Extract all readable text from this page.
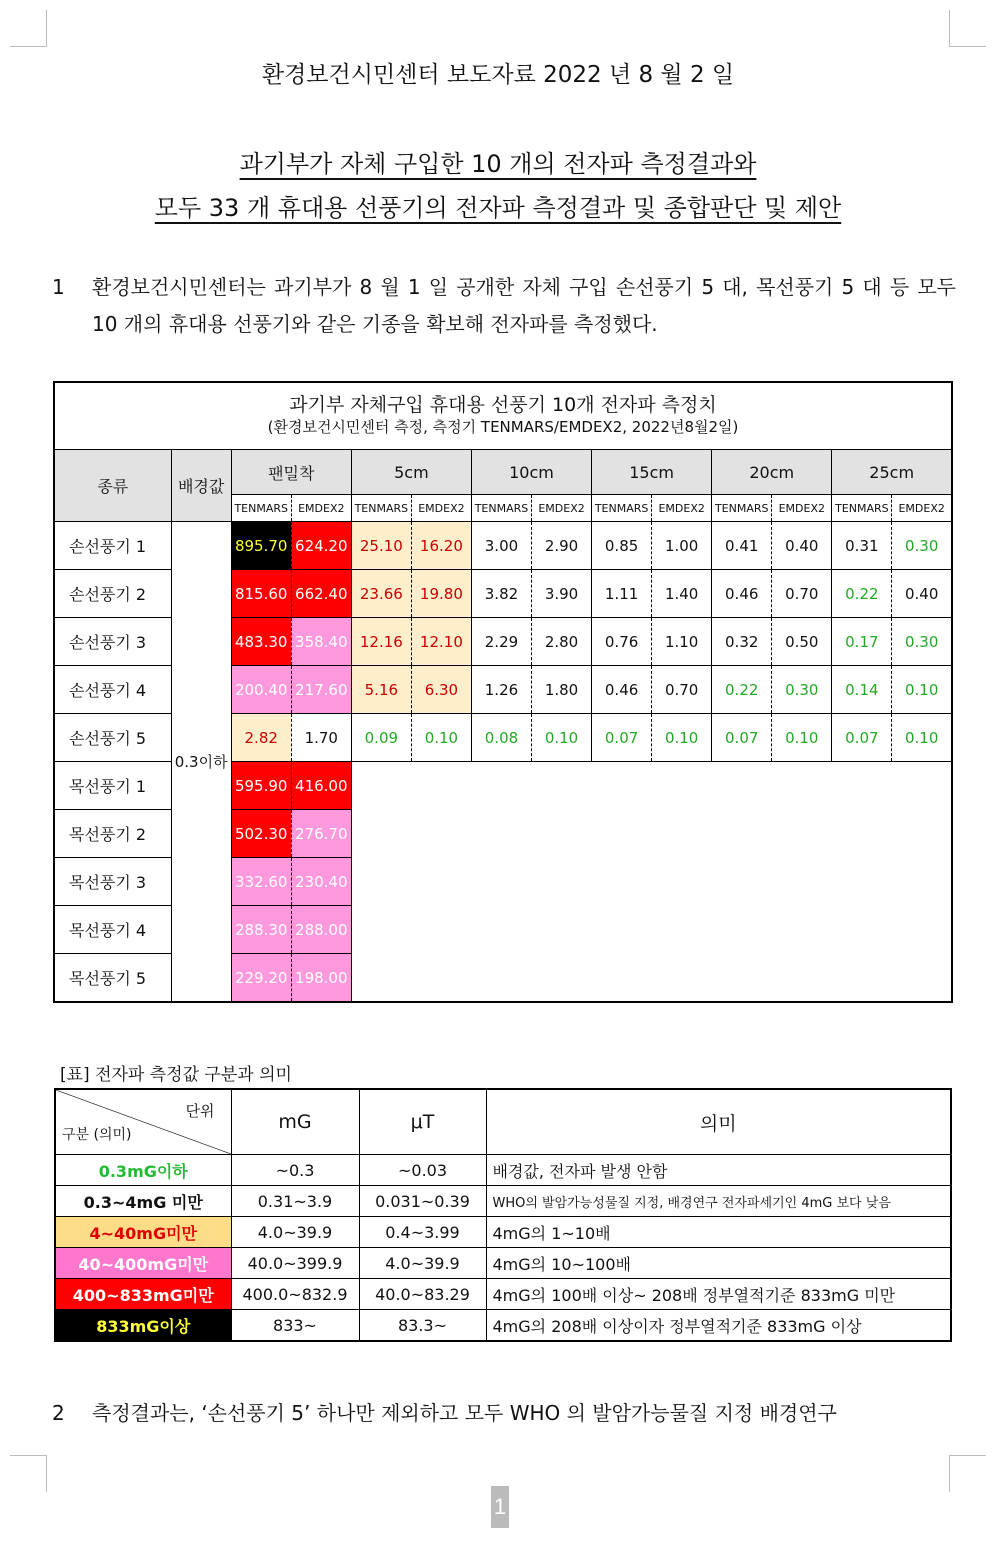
환경보건시민센터 보도자료 2022 년 8 월 2 일
과기부가 자체 구입한 10 개의 전자파 측정결과와
모두 33 개 휴대용 선풍기의 전자파 측정결과 및 종합판단 및 제안
1 환경보건시민센터는 과기부가 8 월 1 일 공개한 자체 구입 손선풍기 5 대, 목선풍기 5 대 등 모두 10 개의 휴대용 선풍기와 같은 기종을 확보해 전자파를 측정했다.
과기부 자체구입 휴대용 선풍기 10개 전자파 측정치
(환경보건시민센터 측정, 측정기 TENMARS/EMDEX2, 2022년8월2일)													

종류	배경값	팬밀착		5cm		10cm		15cm		20cm		25cm	
		TENMARS	EMDEX2	TENMARS	EMDEX2	TENMARS	EMDEX2	TENMARS	EMDEX2	TENMARS	EMDEX2	TENMARS	EMDEX2
손선풍기 1	0.3이하	895.70	624.20	25.10	16.20	3.00	2.90	0.85	1.00	0.41	0.40	0.31	0.30
손선풍기 2		815.60	662.40	23.66	19.80	3.82	3.90	1.11	1.40	0.46	0.70	0.22	0.40
손선풍기 3		483.30	358.40	12.16	12.10	2.29	2.80	0.76	1.10	0.32	0.50	0.17	0.30
손선풍기 4		200.40	217.60	5.16	6.30	1.26	1.80	0.46	0.70	0.22	0.30	0.14	0.10
손선풍기 5		2.82	1.70	0.09	0.10	0.08	0.10	0.07	0.10	0.07	0.10	0.07	0.10
목선풍기 1		595.90	416.00										
목선풍기 2		502.30	276.70										
목선풍기 3		332.60	230.40										
목선풍기 4		288.30	288.00										
목선풍기 5		229.20	198.00										
[표] 전자파 측정값 구분과 의미
단위
구분 (의미)	mG	μT	의미
0.3mG이하	~0.3	~0.03	배경값, 전자파 발생 안함
0.3~4mG 미만	0.31~3.9	0.031~0.39	WHO의 발암가능성물질 지정, 배경연구 전자파세기인 4mG 보다 낮음
4~40mG미만	4.0~39.9	0.4~3.99	4mG의 1~10배
40~400mG미만	40.0~399.9	4.0~39.9	4mG의 10~100배
400~833mG미만	400.0~832.9	40.0~83.29	4mG의 100배 이상~ 208배 정부열적기준 833mG 미만
833mG이상	833~	83.3~	4mG의 208배 이상이자 정부열적기준 833mG 이상
2 측정결과는, ‘손선풍기 5’ 하나만 제외하고 모두 WHO 의 발암가능물질 지정 배경연구
1
